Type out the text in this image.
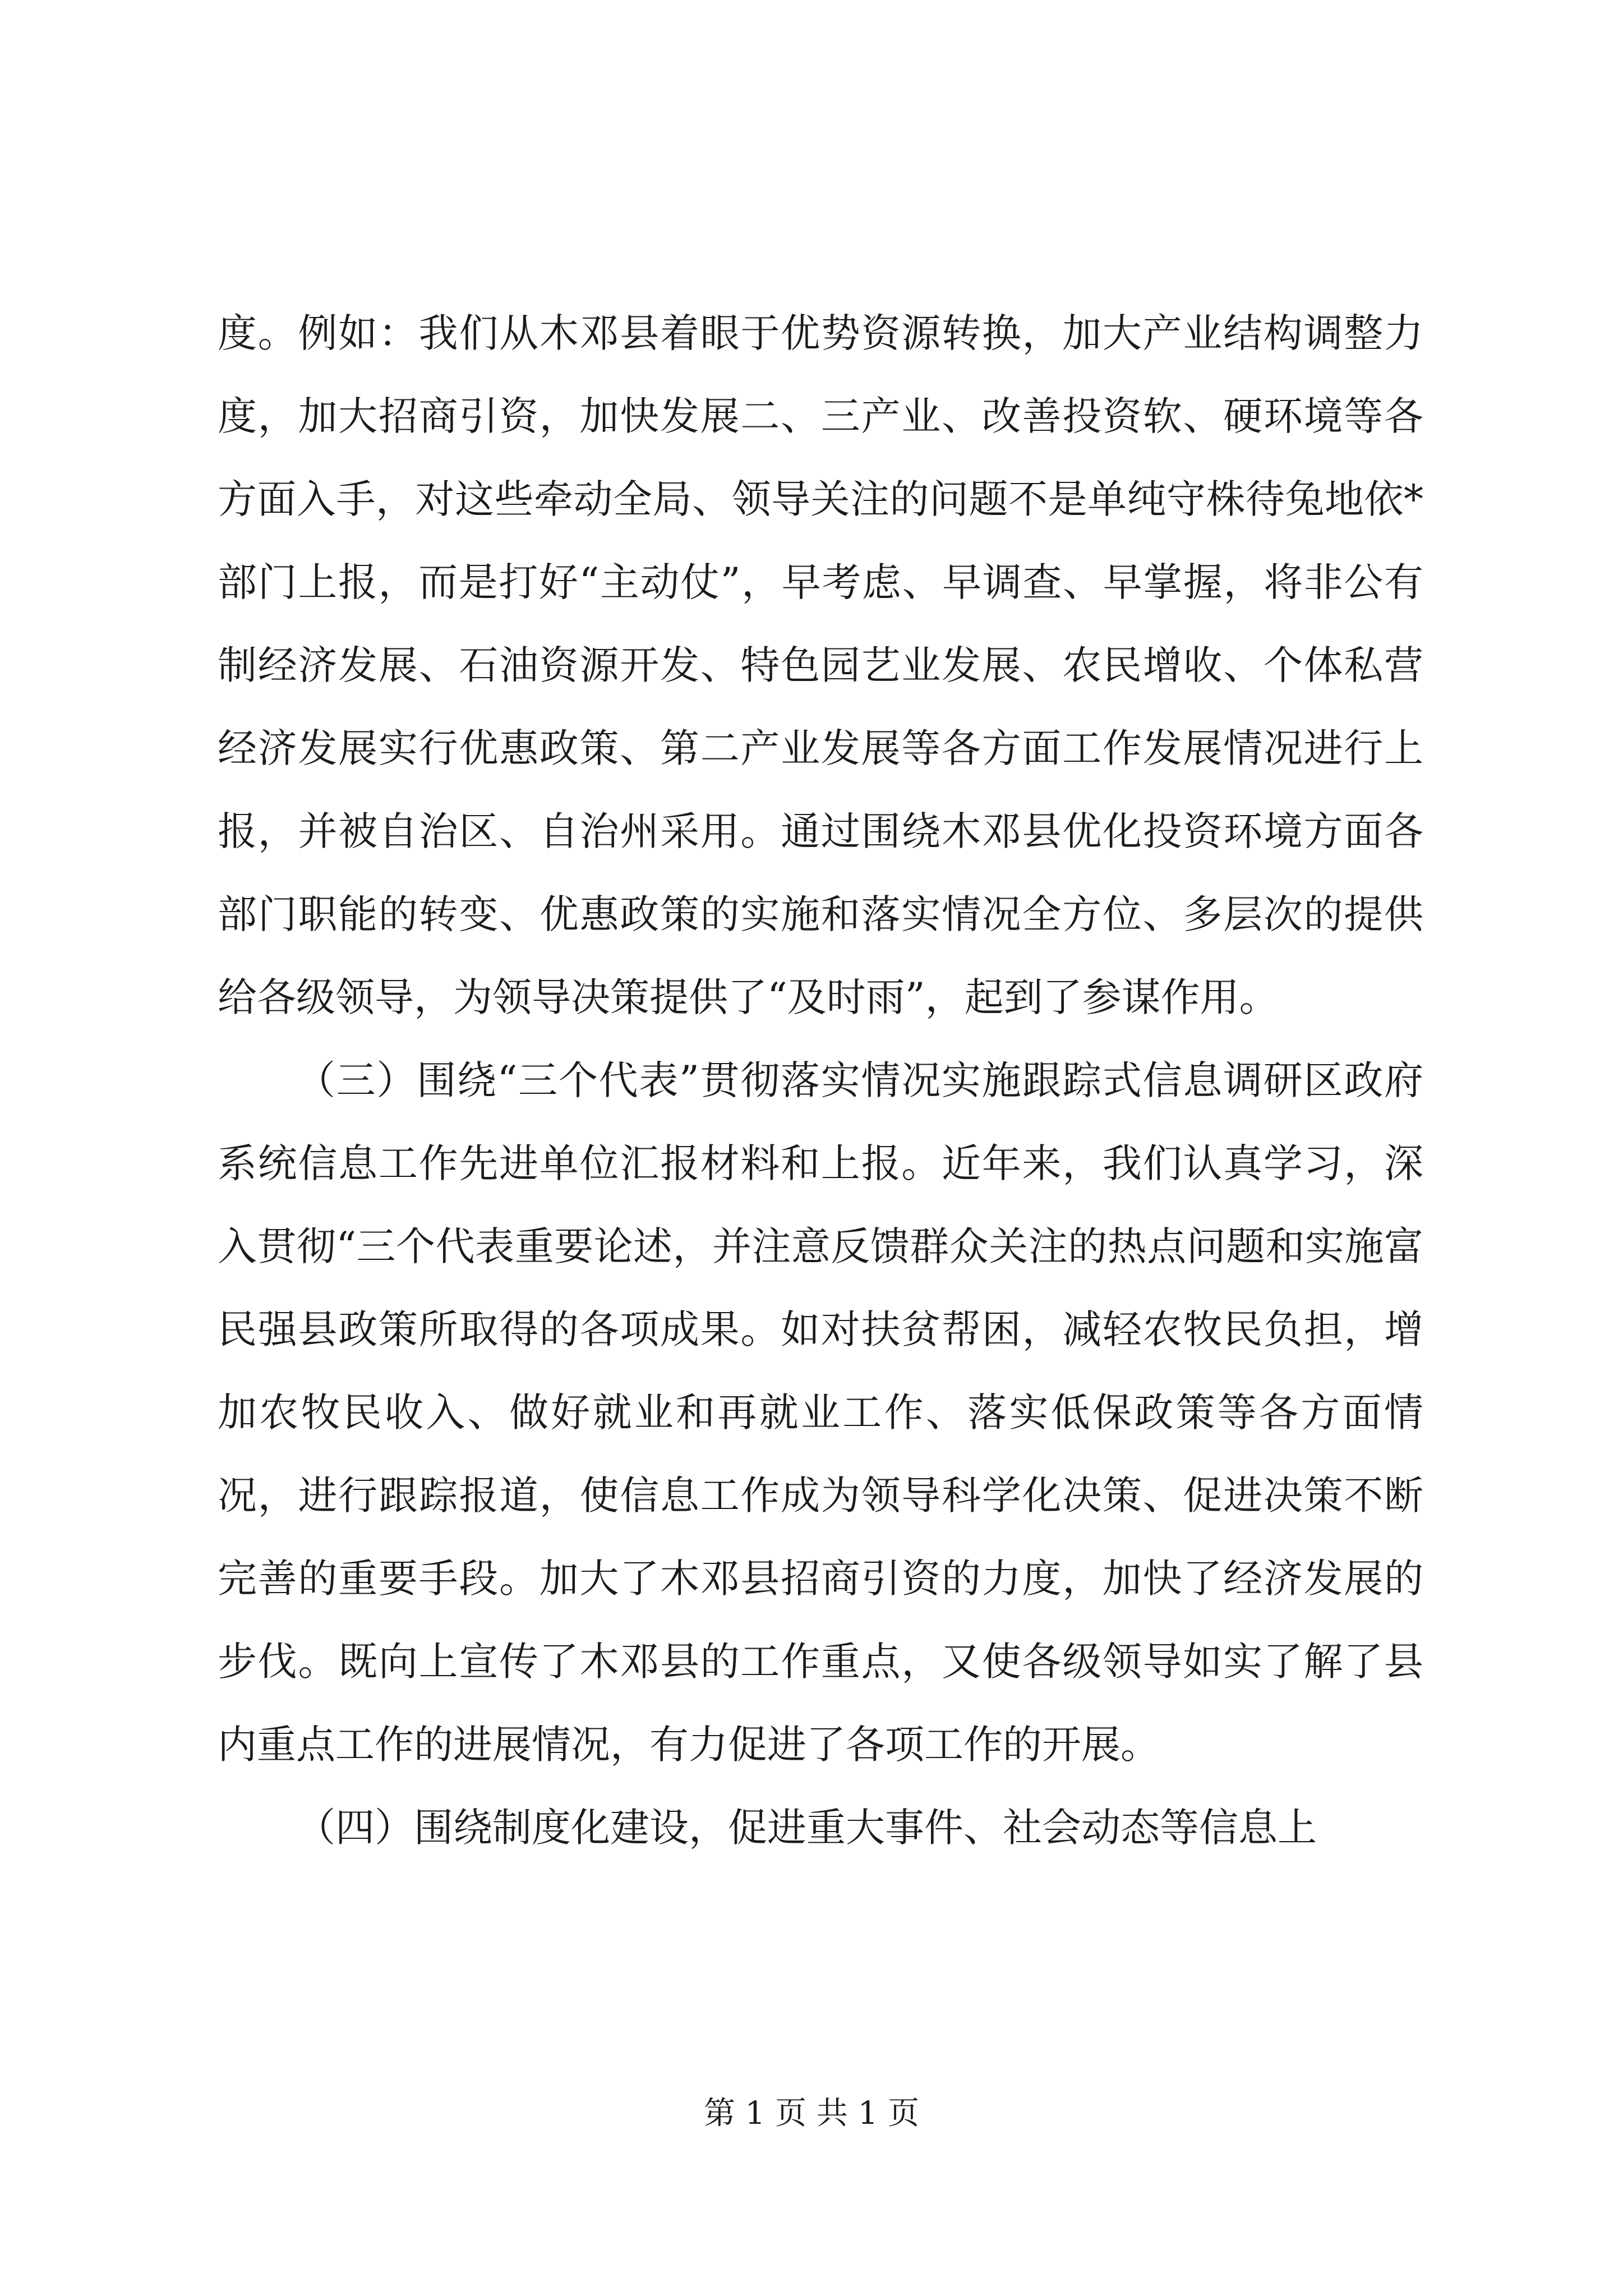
度。例如：我们从木邓县着眼于优势资源转换，加大产业结构调整力度，加大招商引资，加快发展二、三产业、改善投资软、硬环境等各方面入手，对这些牵动全局、领导关注的问题不是单纯守株待兔地依*部门上报，而是打好“主动仗”，早考虑、早调查、早掌握，将非公有制经济发展、石油资源开发、特色园艺业发展、农民增收、个体私营经济发展实行优惠政策、第二产业发展等各方面工作发展情况进行上报，并被自治区、自治州采用。通过围绕木邓县优化投资环境方面各部门职能的转变、优惠政策的实施和落实情况全方位、多层次的提供给各级领导，为领导决策提供了“及时雨”，起到了参谋作用。

（三）围绕“三个代表”贯彻落实情况实施跟踪式信息调研区政府系统信息工作先进单位汇报材料和上报。近年来，我们认真学习，深入贯彻“三个代表重要论述，并注意反馈群众关注的热点问题和实施富民强县政策所取得的各项成果。如对扶贫帮困，减轻农牧民负担，增加农牧民收入、做好就业和再就业工作、落实低保政策等各方面情况，进行跟踪报道，使信息工作成为领导科学化决策、促进决策不断完善的重要手段。加大了木邓县招商引资的力度，加快了经济发展的步伐。既向上宣传了木邓县的工作重点，又使各级领导如实了解了县内重点工作的进展情况，有力促进了各项工作的开展。

（四）围绕制度化建设，促进重大事件、社会动态等信息上

第 1 页 共 1 页
